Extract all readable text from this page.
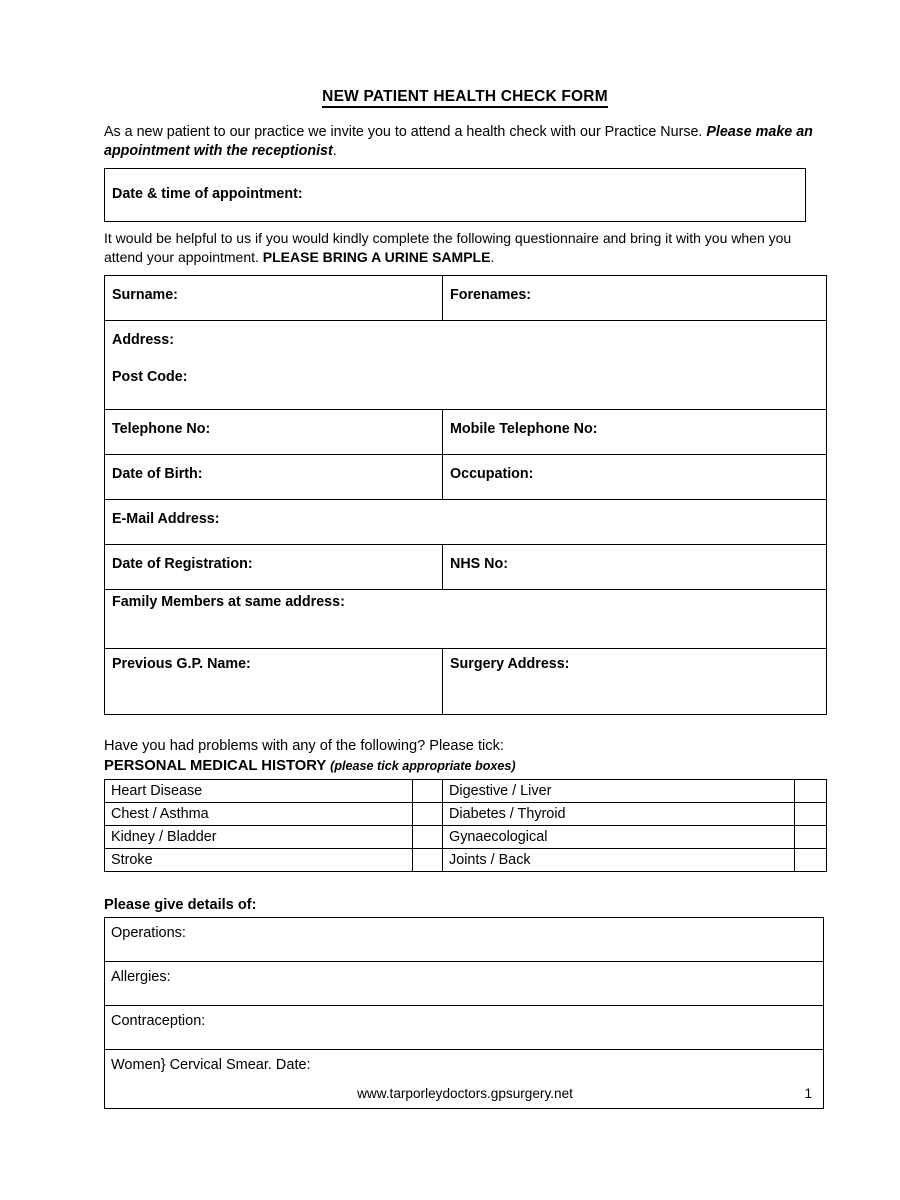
NEW PATIENT HEALTH CHECK FORM

As a new patient to our practice we invite you to attend a health check with our Practice Nurse. Please make an appointment with the receptionist.

Date & time of appointment:

It would be helpful to us if you would kindly complete the following questionnaire and bring it with you when you attend your appointment. PLEASE BRING A URINE SAMPLE.

Surname:	Forenames:

Address:
Post Code:	

Telephone No:	Mobile Telephone No:

Date of Birth:	Occupation:

E-Mail Address:	

Date of Registration:	NHS No:

Family Members at same address:	

Previous G.P. Name:	Surgery Address:
Have you had problems with any of the following? Please tick:
PERSONAL MEDICAL HISTORY (please tick appropriate boxes)
Heart Disease		Digestive / Liver	
Chest / Asthma		Diabetes / Thyroid	
Kidney / Bladder		Gynaecological	
Stroke		Joints / Back	
Please give details of:
Operations:
Allergies:
Contraception:
Women} Cervical Smear. Date:
www.tarporleydoctors.gpsurgery.net	1
